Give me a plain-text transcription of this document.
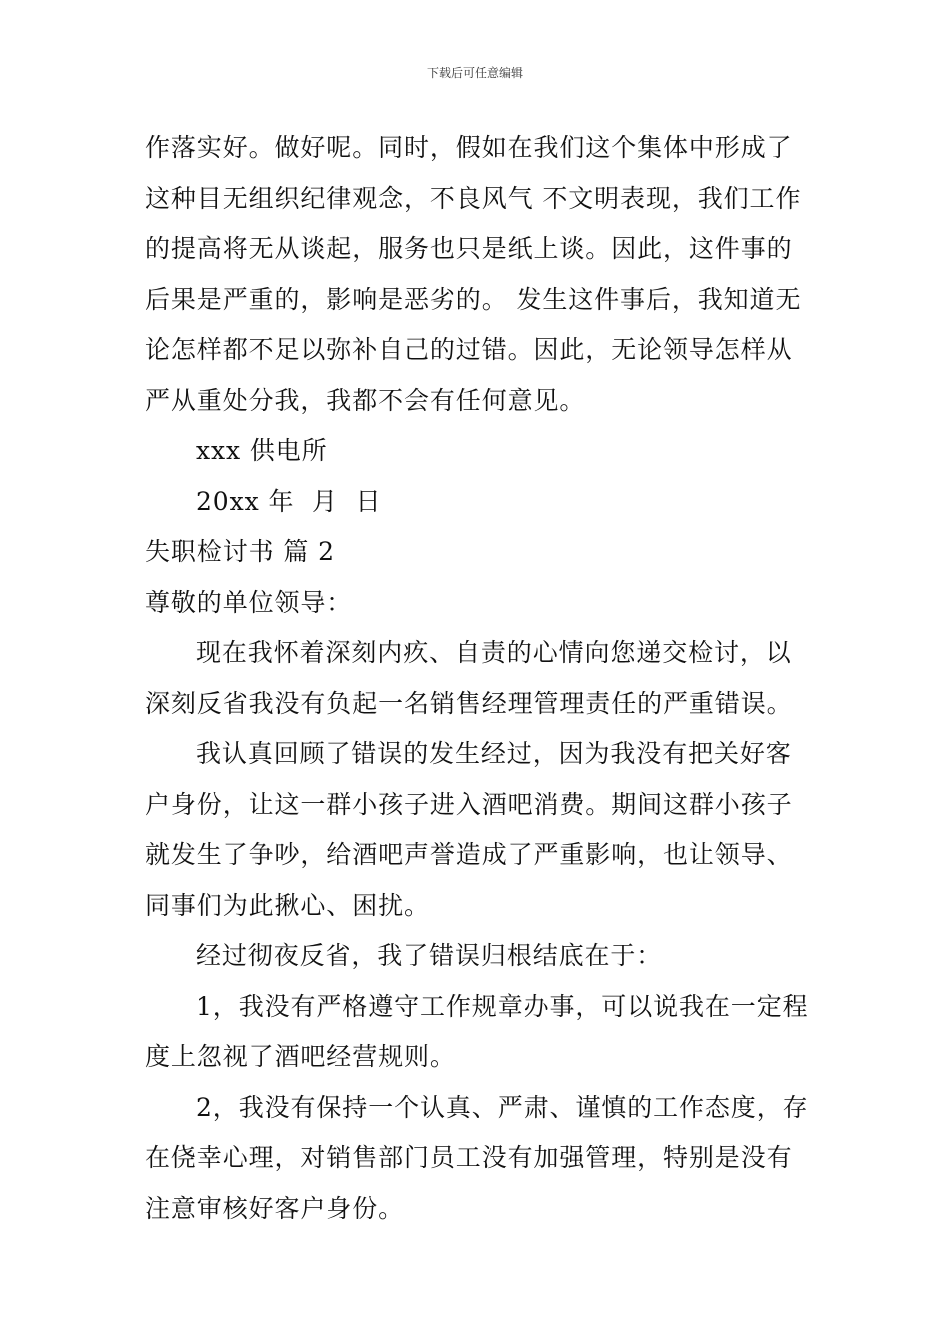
下载后可任意编辑
作落实好。做好呢。同时，假如在我们这个集体中形成了
这种目无组织纪律观念，不良风气 不文明表现，我们工作
的提高将无从谈起，服务也只是纸上谈。因此，这件事的
后果是严重的，影响是恶劣的。 发生这件事后，我知道无
论怎样都不足以弥补自己的过错。因此，无论领导怎样从
严从重处分我，我都不会有任何意见。
xxx 供电所
20xx 年  月  日
失职检讨书 篇 2
尊敬的单位领导：
现在我怀着深刻内疚、自责的心情向您递交检讨，以
深刻反省我没有负起一名销售经理管理责任的严重错误。
我认真回顾了错误的发生经过，因为我没有把关好客
户身份，让这一群小孩子进入酒吧消费。期间这群小孩子
就发生了争吵，给酒吧声誉造成了严重影响，也让领导、
同事们为此揪心、困扰。
经过彻夜反省，我了错误归根结底在于：
1，我没有严格遵守工作规章办事，可以说我在一定程
度上忽视了酒吧经营规则。
2，我没有保持一个认真、严肃、谨慎的工作态度，存
在侥幸心理，对销售部门员工没有加强管理，特别是没有
注意审核好客户身份。
